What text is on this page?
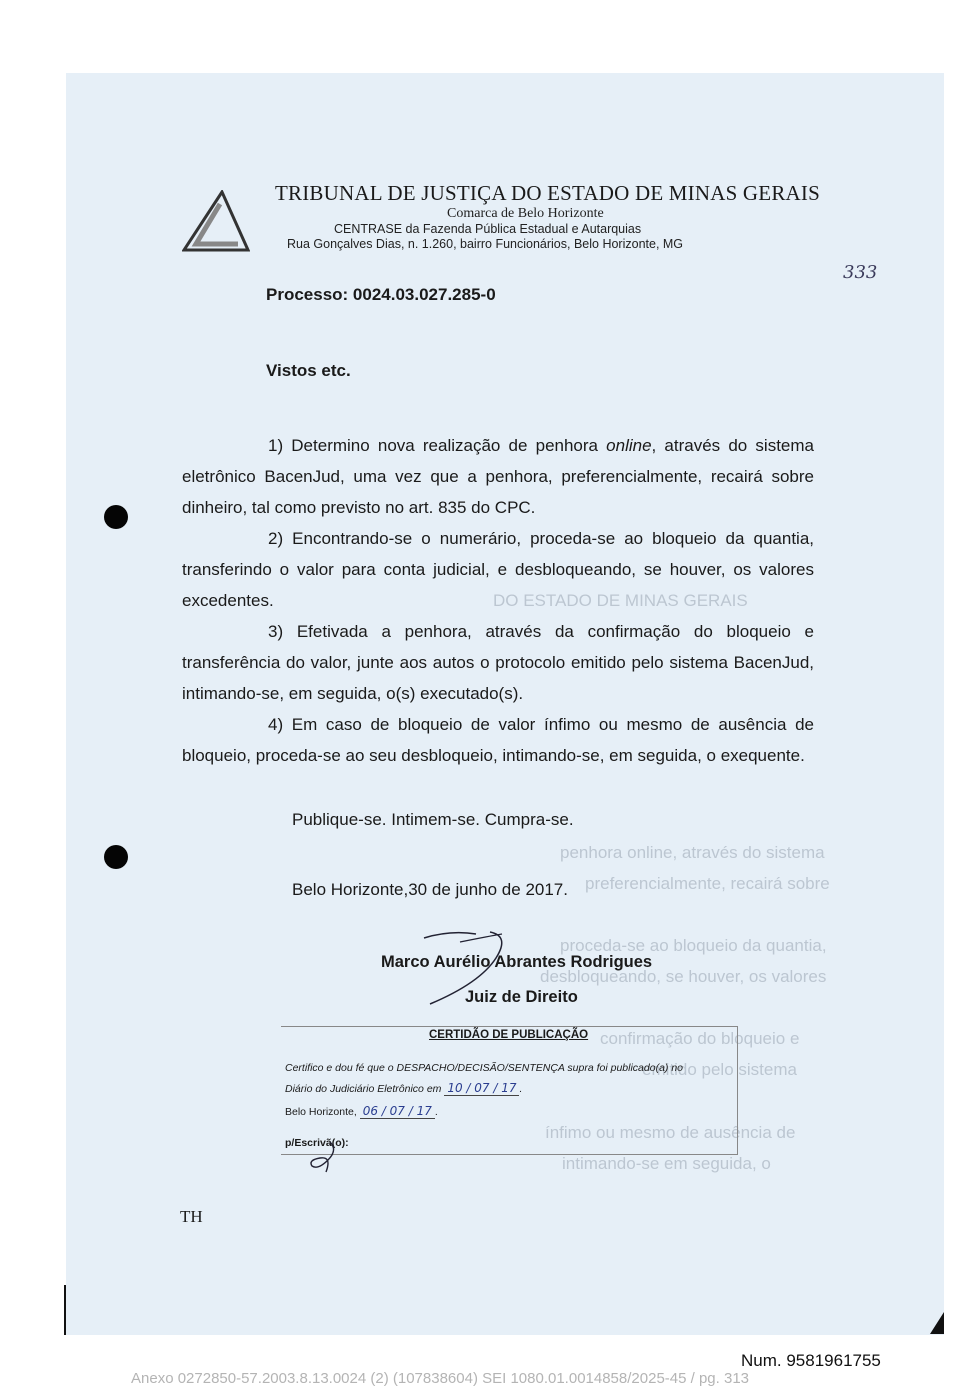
DO ESTADO DE MINAS GERAIS
penhora online, através do sistema
preferencialmente, recairá sobre
proceda-se ao bloqueio da quantia,
desbloqueando, se houver, os valores
confirmação do bloqueio e
emitido pelo sistema
ínfimo ou mesmo de ausência de
intimando-se em seguida, o
TRIBUNAL DE JUSTIÇA DO ESTADO DE MINAS GERAIS
Comarca de Belo Horizonte
CENTRASE da Fazenda Pública Estadual e Autarquias
Rua Gonçalves Dias, n. 1.260, bairro Funcionários, Belo Horizonte, MG
333
Processo: 0024.03.027.285-0
Vistos etc.

1) Determino nova realização de penhora online, através do sistema eletrônico BacenJud, uma vez que a penhora, preferencialmente, recairá sobre dinheiro, tal como previsto no art. 835 do CPC.

2) Encontrando-se o numerário, proceda-se ao bloqueio da quantia, transferindo o valor para conta judicial, e desbloqueando, se houver, os valores excedentes.

3) Efetivada a penhora, através da confirmação do bloqueio e transferência do valor, junte aos autos o protocolo emitido pelo sistema BacenJud, intimando-se, em seguida, o(s) executado(s).

4) Em caso de bloqueio de valor ínfimo ou mesmo de ausência de bloqueio, proceda-se ao seu desbloqueio, intimando-se, em seguida, o exequente.

Publique-se. Intimem-se. Cumpra-se.
Belo Horizonte,30 de junho de 2017.
Marco Aurélio Abrantes Rodrigues
Juiz de Direito
CERTIDÃO DE PUBLICAÇÃO
Certifico e dou fé que o DESPACHO/DECISÃO/SENTENÇA supra foi publicado(a) no
Diário do Judiciário Eletrônico em 10 / 07 / 17 .
Belo Horizonte, 06 / 07 / 17 .
p/Escrivã(o):
TH
Num. 9581961755
Anexo 0272850-57.2003.8.13.0024 (2) (107838604) SEI 1080.01.0014858/2025-45 / pg. 313
